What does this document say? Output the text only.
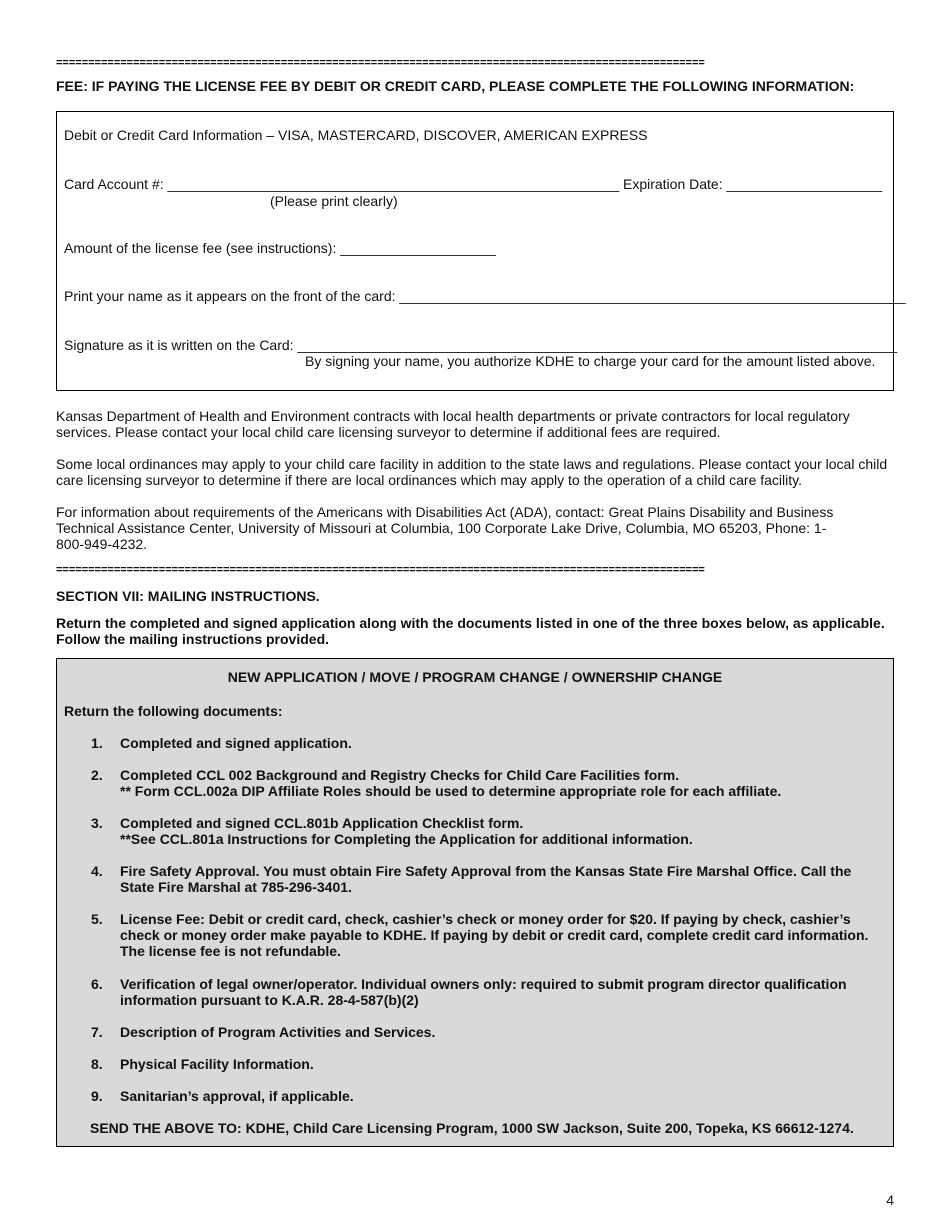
=====================================================================================================
FEE: IF PAYING THE LICENSE FEE BY DEBIT OR CREDIT CARD, PLEASE COMPLETE THE FOLLOWING INFORMATION:
Debit or Credit Card Information – VISA, MASTERCARD, DISCOVER, AMERICAN EXPRESS
Card Account #: __________________________________________________________ Expiration Date: ____________________
(Please print clearly)
Amount of the license fee (see instructions): ____________________
Print your name as it appears on the front of the card: _________________________________________________________________
Signature as it is written on the Card: _____________________________________________________________________________
By signing your name, you authorize KDHE to charge your card for the amount listed above.

Kansas Department of Health and Environment contracts with local health departments or private contractors for local regulatory services. Please contact your local child care licensing surveyor to determine if additional fees are required.

Some local ordinances may apply to your child care facility in addition to the state laws and regulations. Please contact your local child care licensing surveyor to determine if there are local ordinances which may apply to the operation of a child care facility.

For information about requirements of the Americans with Disabilities Act (ADA), contact: Great Plains Disability and Business Technical Assistance Center, University of Missouri at Columbia, 100 Corporate Lake Drive, Columbia, MO 65203, Phone: 1-800-949-4232.

=====================================================================================================
SECTION VII: MAILING INSTRUCTIONS.

Return the completed and signed application along with the documents listed in one of the three boxes below, as applicable. Follow the mailing instructions provided.

NEW APPLICATION / MOVE / PROGRAM CHANGE / OWNERSHIP CHANGE
Return the following documents:
1. Completed and signed application.
2. Completed CCL 002 Background and Registry Checks for Child Care Facilities form.
** Form CCL.002a DIP Affiliate Roles should be used to determine appropriate role for each affiliate.
3. Completed and signed CCL.801b Application Checklist form.
**See CCL.801a Instructions for Completing the Application for additional information.
4. Fire Safety Approval. You must obtain Fire Safety Approval from the Kansas State Fire Marshal Office. Call the State Fire Marshal at 785-296-3401.
5. License Fee: Debit or credit card, check, cashier’s check or money order for $20. If paying by check, cashier’s check or money order make payable to KDHE. If paying by debit or credit card, complete credit card information. The license fee is not refundable.
6. Verification of legal owner/operator. Individual owners only: required to submit program director qualification information pursuant to K.A.R. 28-4-587(b)(2)
7. Description of Program Activities and Services.
8. Physical Facility Information.
9. Sanitarian’s approval, if applicable.
SEND THE ABOVE TO: KDHE, Child Care Licensing Program, 1000 SW Jackson, Suite 200, Topeka, KS 66612-1274.
4
